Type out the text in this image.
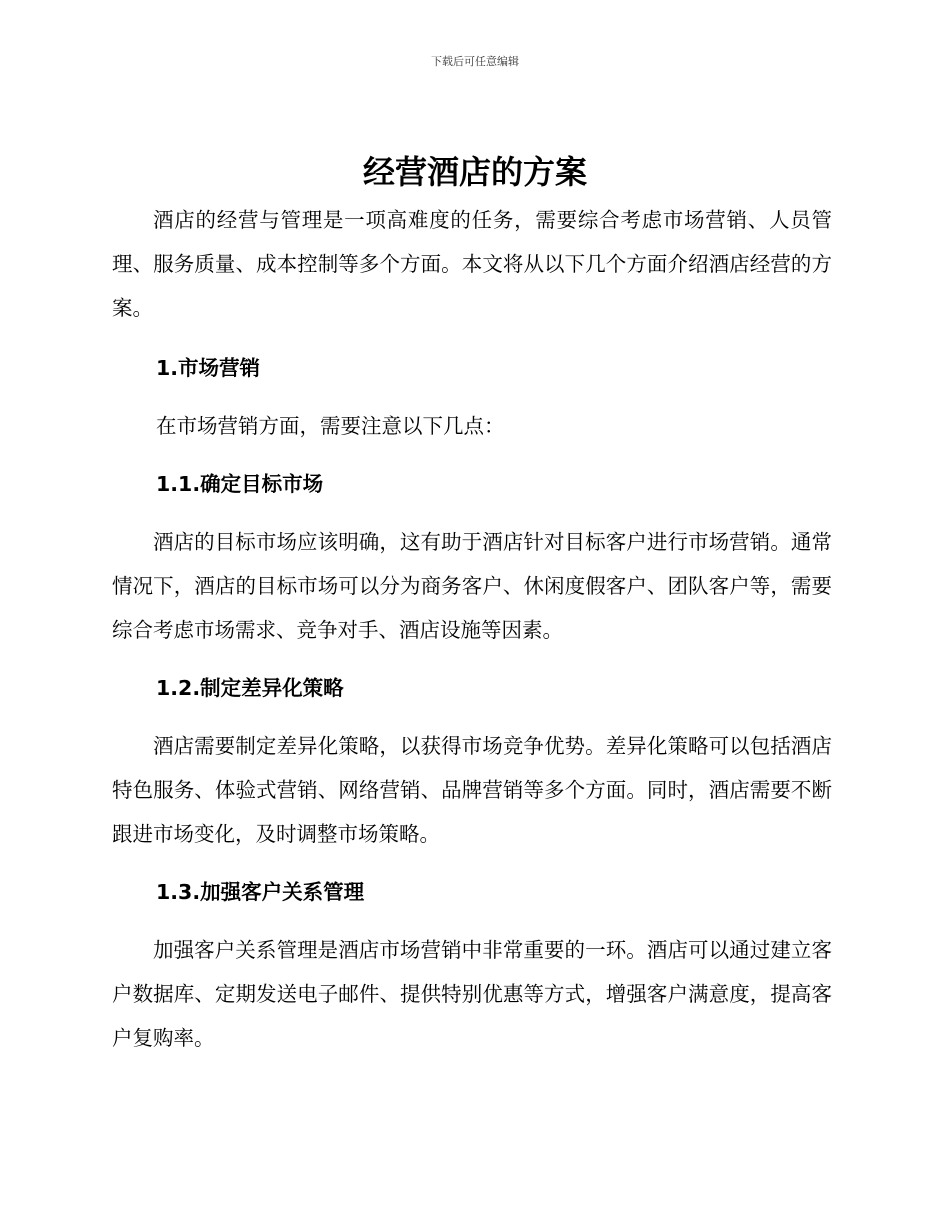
下载后可任意编辑
经营酒店的方案

酒店的经营与管理是一项高难度的任务，需要综合考虑市场营销、人员管理、服务质量、成本控制等多个方面。本文将从以下几个方面介绍酒店经营的方案。

1.市场营销

在市场营销方面，需要注意以下几点：

1.1.确定目标市场

酒店的目标市场应该明确，这有助于酒店针对目标客户进行市场营销。通常情况下，酒店的目标市场可以分为商务客户、休闲度假客户、团队客户等，需要综合考虑市场需求、竞争对手、酒店设施等因素。

1.2.制定差异化策略

酒店需要制定差异化策略，以获得市场竞争优势。差异化策略可以包括酒店特色服务、体验式营销、网络营销、品牌营销等多个方面。同时，酒店需要不断跟进市场变化，及时调整市场策略。

1.3.加强客户关系管理

加强客户关系管理是酒店市场营销中非常重要的一环。酒店可以通过建立客户数据库、定期发送电子邮件、提供特别优惠等方式，增强客户满意度，提高客户复购率。
